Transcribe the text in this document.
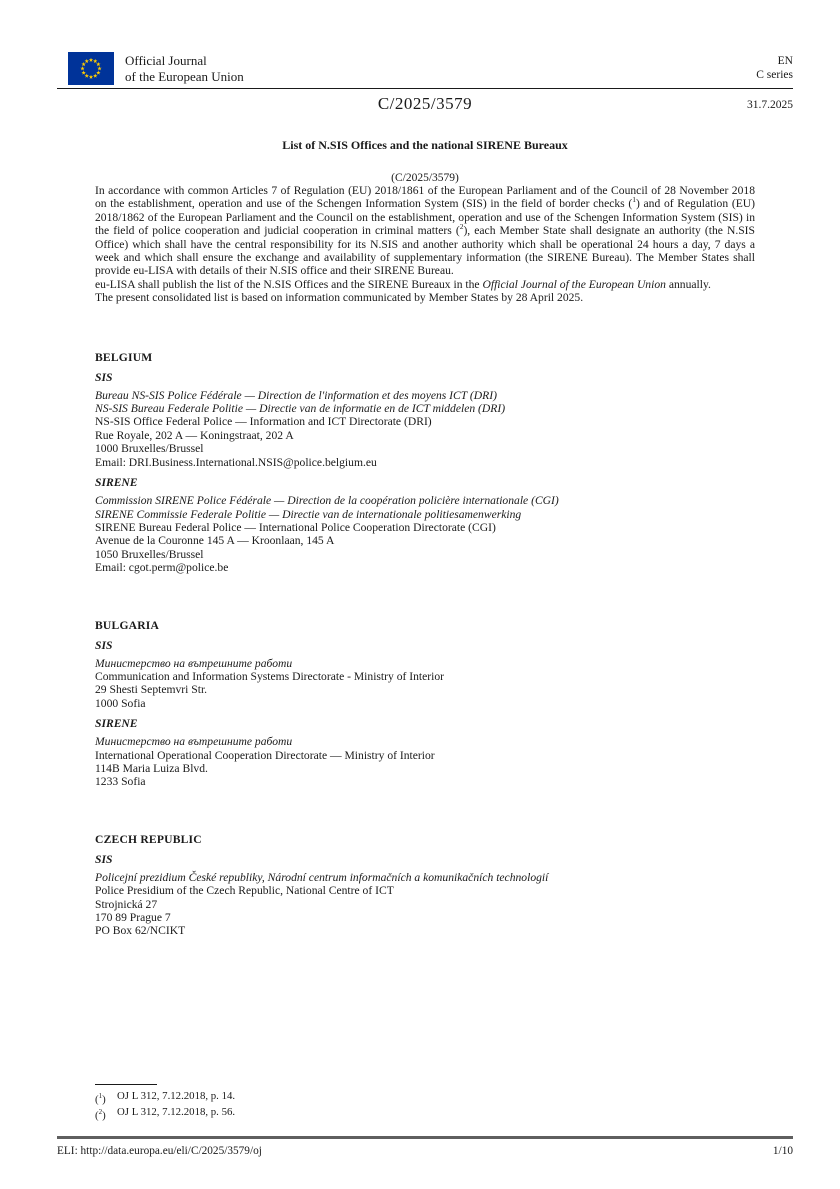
Official Journal
of the European Union
EN
C series
C/2025/3579	31.7.2025
List of N.SIS Offices and the national SIRENE Bureaux
(C/2025/3579)

In accordance with common Articles 7 of Regulation (EU) 2018/1861 of the European Parliament and of the Council of 28 November 2018 on the establishment, operation and use of the Schengen Information System (SIS) in the field of border checks ($^1$) and of Regulation (EU) 2018/1862 of the European Parliament and the Council on the establishment, operation and use of the Schengen Information System (SIS) in the field of police cooperation and judicial cooperation in criminal matters ($^2$), each Member State shall designate an authority (the N.SIS Office) which shall have the central responsibility for its N.SIS and another authority which shall be operational 24 hours a day, 7 days a week and which shall ensure the exchange and availability of supplementary information (the SIRENE Bureau). The Member States shall provide eu-LISA with details of their N.SIS office and their SIRENE Bureau.

eu-LISA shall publish the list of the N.SIS Offices and the SIRENE Bureaux in the Official Journal of the European Union annually.

The present consolidated list is based on information communicated by Member States by 28 April 2025.

BELGIUM
SIS
Bureau NS-SIS Police Fédérale — Direction de l'information et des moyens ICT (DRI)
NS-SIS Bureau Federale Politie — Directie van de informatie en de ICT middelen (DRI)
NS-SIS Office Federal Police — Information and ICT Directorate (DRI)
Rue Royale, 202 A — Koningstraat, 202 A
1000 Bruxelles/Brussel
Email: DRI.Business.International.NSIS@police.belgium.eu
SIRENE
Commission SIRENE Police Fédérale — Direction de la coopération policière internationale (CGI)
SIRENE Commissie Federale Politie — Directie van de internationale politiesamenwerking
SIRENE Bureau Federal Police — International Police Cooperation Directorate (CGI)
Avenue de la Couronne 145 A — Kroonlaan, 145 A
1050 Bruxelles/Brussel
Email: cgot.perm@police.be
BULGARIA
SIS
Министерство на вътрешните работи
Communication and Information Systems Directorate - Ministry of Interior
29 Shesti Septemvri Str.
1000 Sofia
SIRENE
Министерство на вътрешните работи
International Operational Cooperation Directorate — Ministry of Interior
114B Maria Luiza Blvd.
1233 Sofia
CZECH REPUBLIC
SIS
Policejní prezidium České republiky, Národní centrum informačních a komunikačních technologií
Police Presidium of the Czech Republic, National Centre of ICT
Strojnická 27
170 89 Prague 7
PO Box 62/NCIKT
($^1$)	OJ L 312, 7.12.2018, p. 14.
($^2$)	OJ L 312, 7.12.2018, p. 56.
ELI: http://data.europa.eu/eli/C/2025/3579/oj	1/10
